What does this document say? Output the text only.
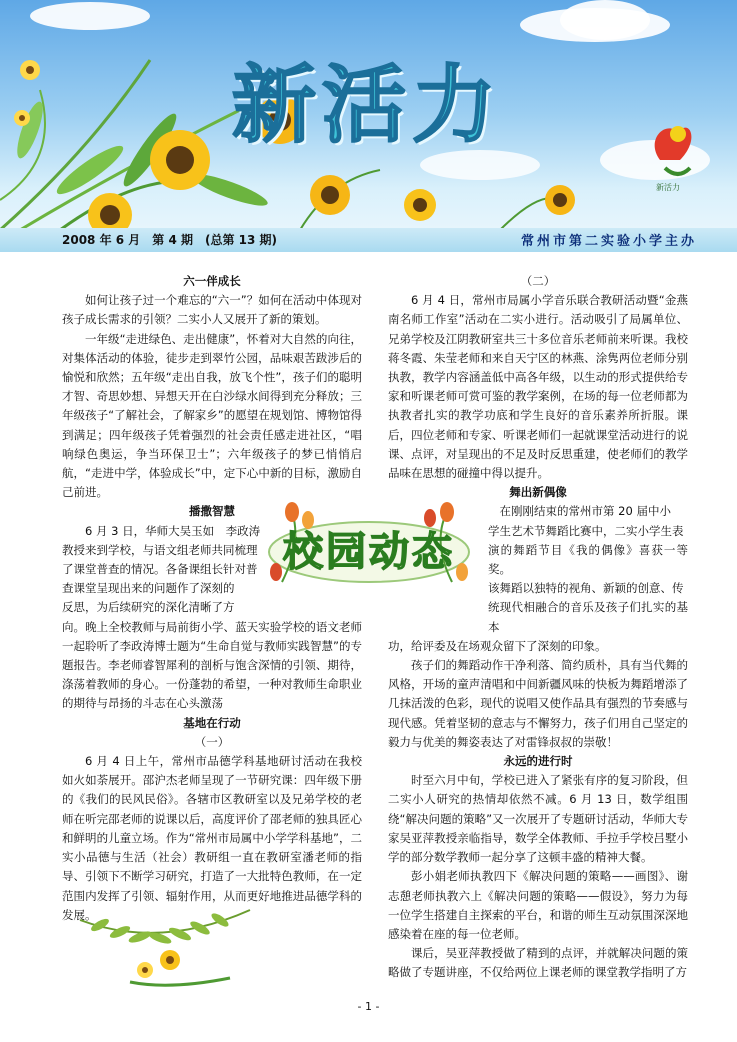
新活力
新活力
2008 年 6 月　第 4 期　(总第 13 期)	常州市第二实验小学主办
六一伴成长

如何让孩子过一个难忘的“六一”？如何在活动中体现对孩子成长需求的引领？二实小人又展开了新的策划。

一年级“走进绿色、走出健康”，怀着对大自然的向往，对集体活动的体验，徒步走到翠竹公园，品味艰苦跋涉后的愉悦和欣然；五年级“走出自我，放飞个性”，孩子们的聪明才智、奇思妙想、异想天开在白沙绿水间得到充分释放；三年级孩子“了解社会，了解家乡”的愿望在规划馆、博物馆得到满足；四年级孩子凭着强烈的社会责任感走进社区，“唱响绿色奥运，争当环保卫士”；六年级孩子的梦已悄悄启航，“走进中学，体验成长”中，定下心中新的目标，激励自己前进。

播撒智慧

6 月 3 日，华师大吴玉如　李政涛

教授来到学校，与语文组老师共同梳理

了课堂普查的情况。各备课组长针对普

查课堂呈现出来的问题作了深刻的

反思，为后续研究的深化清晰了方

向。晚上全校教师与局前街小学、蓝天实验学校的语文老师一起聆听了李政涛博士题为“生命自觉与教师实践智慧”的专题报告。李老师睿智犀利的剖析与饱含深情的引领、期待，涤荡着教师的身心。一份蓬勃的希望，一种对教师生命职业的期待与昂扬的斗志在心头激荡

基地在行动

（一）

6 月 4 日上午，常州市品德学科基地研讨活动在我校如火如荼展开。邵沪杰老师呈现了一节研究课：四年级下册的《我们的民风民俗》。各辖市区教研室以及兄弟学校的老师在听完邵老师的说课以后，高度评价了邵老师的独具匠心和鲜明的儿童立场。作为“常州市局属中小学学科基地”，二实小品德与生活（社会）教研组一直在教研室潘老师的指导、引领下不断学习研究，打造了一大批特色教师，在一定范围内发挥了引领、辐射作用，从而更好地推进品德学科的发展。

（二）

6 月 4 日，常州市局属小学音乐联合教研活动暨“金燕南名师工作室”活动在二实小进行。活动吸引了局属单位、兄弟学校及江阴教研室共三十多位音乐老师前来听课。我校蒋冬霞、朱莹老师和来自天宁区的林燕、涂隽两位老师分别执教，教学内容涵盖低中高各年级，以生动的形式提供给专家和听课老师可赏可鉴的教学案例，在场的每一位老师都为执教者扎实的教学功底和学生良好的音乐素养所折服。课后，四位老师和专家、听课老师们一起就课堂活动进行的说课、点评，对呈现出的不足及时反思重建，使老师们的教学品味在思想的碰撞中得以提升。

舞出新偶像

在刚刚结束的常州市第 20 届中小

学生艺术节舞蹈比赛中，二实小学生表

演的舞蹈节目《我的偶像》喜获一等奖。

该舞蹈以独特的视角、新颖的创意、传

统现代相融合的音乐及孩子们扎实的基本

功，给评委及在场观众留下了深刻的印象。

孩子们的舞蹈动作干净利落、简约质朴，具有当代舞的风格，开场的童声清唱和中间新疆风味的快板为舞蹈增添了几抹活泼的色彩，现代的说唱又使作品具有强烈的节奏感与现代感。凭着坚韧的意志与不懈努力，孩子们用自己坚定的毅力与优美的舞姿表达了对雷锋叔叔的崇敬！

永远的进行时

时至六月中旬，学校已进入了紧张有序的复习阶段，但二实小人研究的热情却依然不减。6 月 13 日，数学组围绕“解决问题的策略”又一次展开了专题研讨活动，华师大专家吴亚萍教授亲临指导，数学全体教师、手拉手学校吕墅小学的部分数学教师一起分享了这顿丰盛的精神大餐。

彭小娟老师执教四下《解决问题的策略——画图》、谢志憩老师执教六上《解决问题的策略——假设》，努力为每一位学生搭建自主探索的平台，和谐的师生互动氛围深深地感染着在座的每一位老师。

课后，吴亚萍教授做了精到的点评，并就解决问题的策略做了专题讲座，不仅给两位上课老师的课堂教学指明了方

校园动态
- 1 -
